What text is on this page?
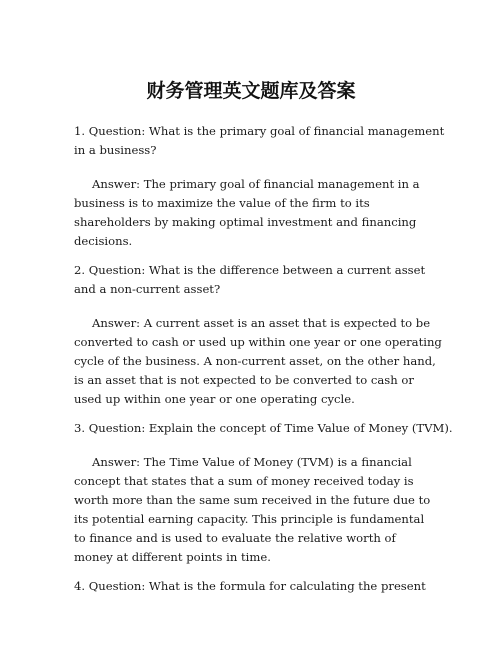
财务管理英文题库及答案
1. Question: What is the primary goal of financial management
in a business?
Answer: The primary goal of financial management in a
business is to maximize the value of the firm to its
shareholders by making optimal investment and financing
decisions.
2. Question: What is the difference between a current asset
and a non-current asset?
Answer: A current asset is an asset that is expected to be
converted to cash or used up within one year or one operating
cycle of the business. A non-current asset, on the other hand,
is an asset that is not expected to be converted to cash or
used up within one year or one operating cycle.
3. Question: Explain the concept of Time Value of Money (TVM).
Answer: The Time Value of Money (TVM) is a financial
concept that states that a sum of money received today is
worth more than the same sum received in the future due to
its potential earning capacity. This principle is fundamental
to finance and is used to evaluate the relative worth of
money at different points in time.
4. Question: What is the formula for calculating the present
